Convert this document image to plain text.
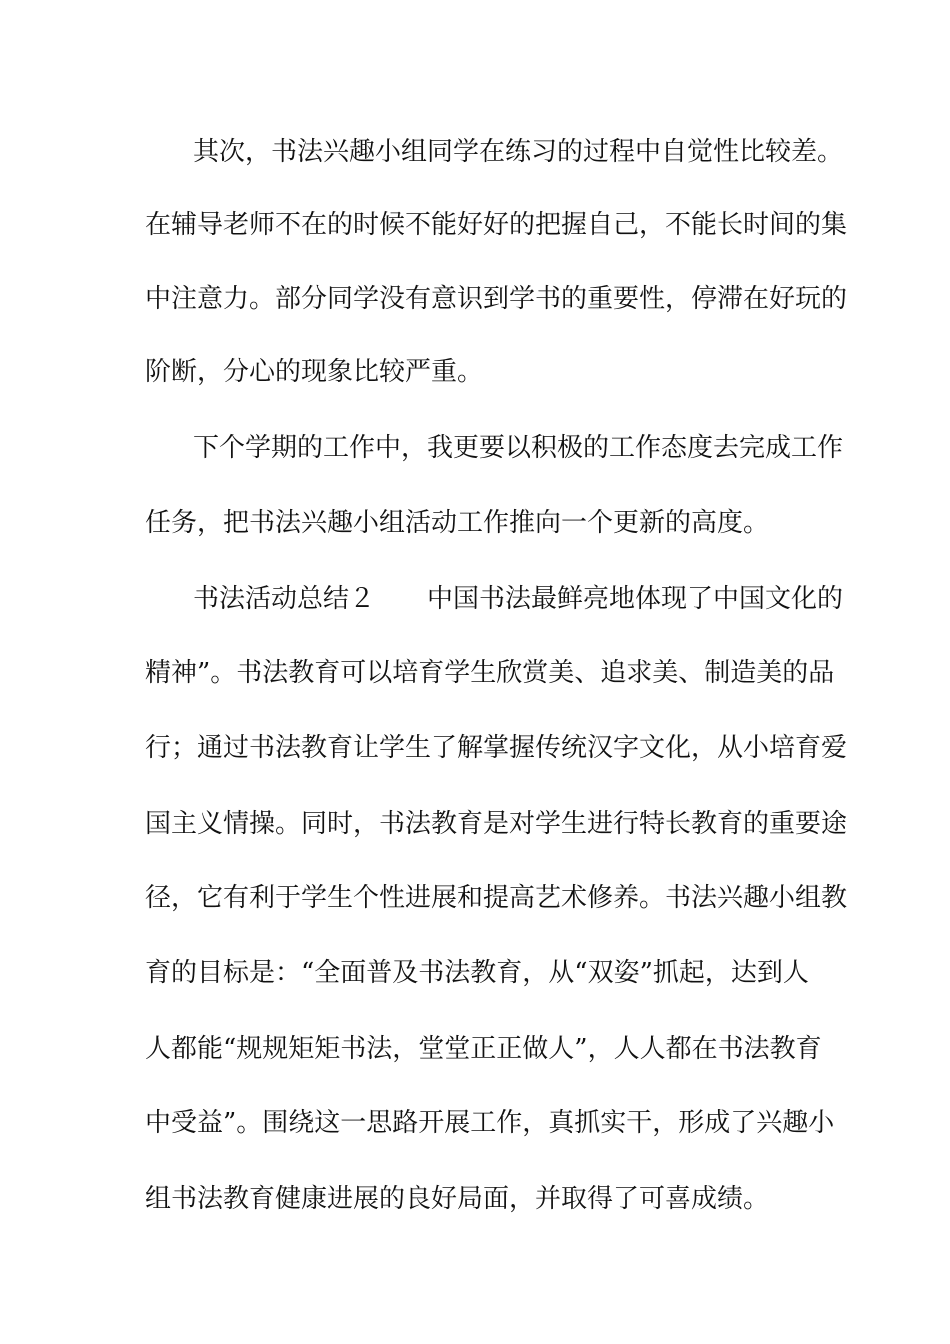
其次，书法兴趣小组同学在练习的过程中自觉性比较差。
在辅导老师不在的时候不能好好的把握自己，不能长时间的集
中注意力。部分同学没有意识到学书的重要性，停滞在好玩的
阶断，分心的现象比较严重。
下个学期的工作中，我更要以积极的工作态度去完成工作
任务，把书法兴趣小组活动工作推向一个更新的高度。
书法活动总结２　　中国书法最鲜亮地体现了中国文化的
精神”。书法教育可以培育学生欣赏美、追求美、制造美的品
行；通过书法教育让学生了解掌握传统汉字文化，从小培育爱
国主义情操。同时，书法教育是对学生进行特长教育的重要途
径，它有利于学生个性进展和提高艺术修养。书法兴趣小组教
育的目标是：“全面普及书法教育，从“双姿”抓起，达到人
人都能“规规矩矩书法，堂堂正正做人”，人人都在书法教育
中受益”。围绕这一思路开展工作，真抓实干，形成了兴趣小
组书法教育健康进展的良好局面，并取得了可喜成绩。
